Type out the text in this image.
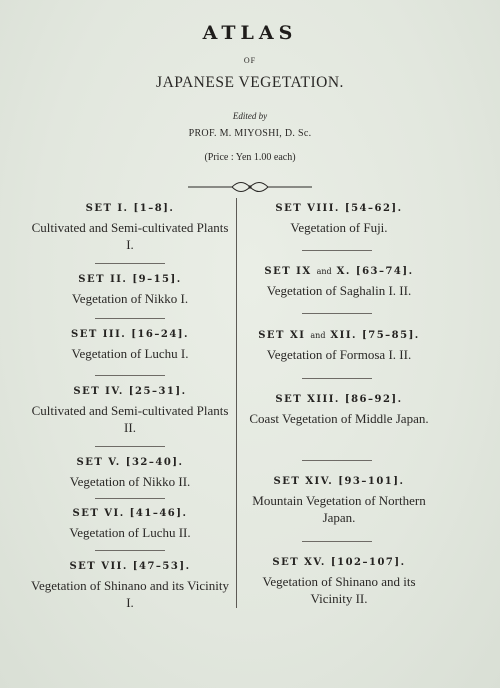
ATLAS
OF
JAPANESE VEGETATION.
Edited by
PROF. M. MIYOSHI, D. Sc.
(Price : Yen 1.00 each)
SET I. [1–8].
Cultivated and Semi-cultivated Plants I.
SET II. [9–15].
Vegetation of Nikko I.
SET III. [16–24].
Vegetation of Luchu I.
SET IV. [25–31].
Cultivated and Semi-cultivated Plants II.
SET V. [32–40].
Vegetation of Nikko II.
SET VI. [41–46].
Vegetation of Luchu II.
SET VII. [47–53].
Vegetation of Shinano and its Vicinity I.
SET VIII. [54–62].
Vegetation of Fuji.
SET IX and X. [63–74].
Vegetation of Saghalin I. II.
SET XI and XII. [75–85].
Vegetation of Formosa I. II.
SET XIII. [86–92].
Coast Vegetation of Middle Japan.
SET XIV. [93–101].
Mountain Vegetation of Northern Japan.
SET XV. [102–107].
Vegetation of Shinano and its Vicinity II.
